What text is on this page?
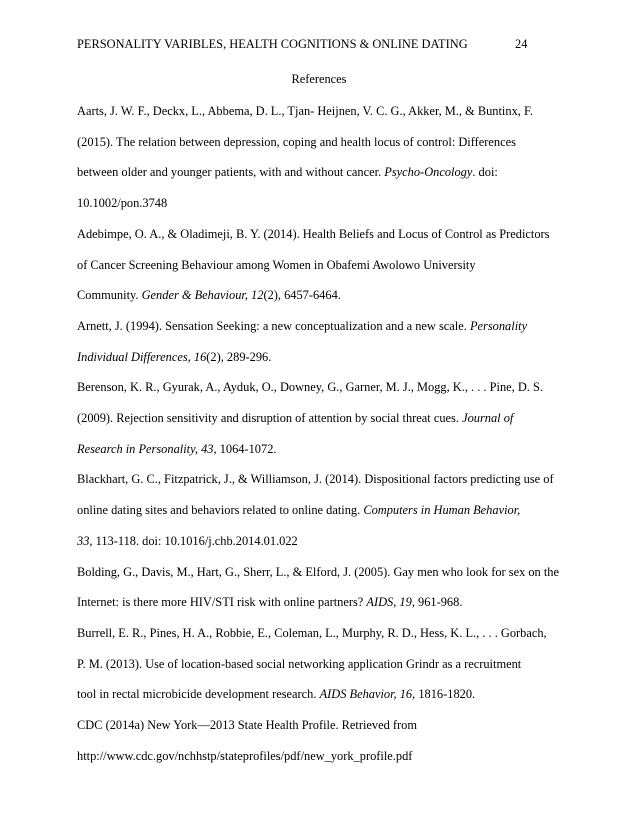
PERSONALITY VARIBLES, HEALTH COGNITIONS & ONLINE DATING	24
References
Aarts, J. W. F., Deckx, L., Abbema, D. L., Tjan- Heijnen, V. C. G., Akker, M., & Buntinx, F.
(2015). The relation between depression, coping and health locus of control: Differences
between older and younger patients, with and without cancer. Psycho-Oncology. doi:
10.1002/pon.3748
Adebimpe, O. A., & Oladimeji, B. Y. (2014). Health Beliefs and Locus of Control as Predictors
of Cancer Screening Behaviour among Women in Obafemi Awolowo University
Community. Gender & Behaviour, 12(2), 6457-6464.
Arnett, J. (1994). Sensation Seeking: a new conceptualization and a new scale. Personality
Individual Differences, 16(2), 289-296.
Berenson, K. R., Gyurak, A., Ayduk, O., Downey, G., Garner, M. J., Mogg, K., . . . Pine, D. S.
(2009). Rejection sensitivity and disruption of attention by social threat cues. Journal of
Research in Personality, 43, 1064-1072.
Blackhart, G. C., Fitzpatrick, J., & Williamson, J. (2014). Dispositional factors predicting use of
online dating sites and behaviors related to online dating. Computers in Human Behavior,
33, 113-118. doi: 10.1016/j.chb.2014.01.022
Bolding, G., Davis, M., Hart, G., Sherr, L., & Elford, J. (2005). Gay men who look for sex on the
Internet: is there more HIV/STI risk with online partners? AIDS, 19, 961-968.
Burrell, E. R., Pines, H. A., Robbie, E., Coleman, L., Murphy, R. D., Hess, K. L., . . . Gorbach,
P. M. (2013). Use of location-based social networking application Grindr as a recruitment
tool in rectal microbicide development research. AIDS Behavior, 16, 1816-1820.
CDC (2014a) New York—2013 State Health Profile. Retrieved from
http://www.cdc.gov/nchhstp/stateprofiles/pdf/new_york_profile.pdf
